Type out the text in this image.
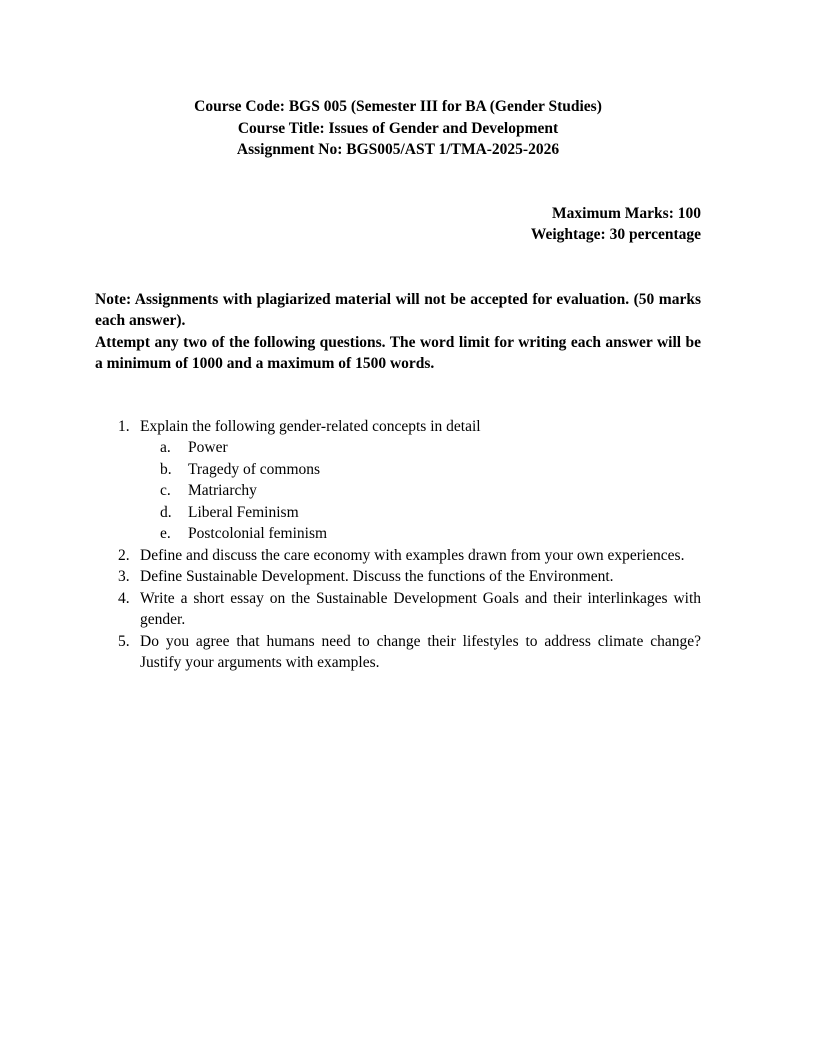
Course Code: BGS 005 (Semester III for BA (Gender Studies)

Course Title: Issues of Gender and Development

Assignment No: BGS005/AST 1/TMA-2025-2026

Maximum Marks: 100

Weightage: 30 percentage

Note: Assignments with plagiarized material will not be accepted for evaluation. (50 marks each answer).

Attempt any two of the following questions. The word limit for writing each answer will be a minimum of 1000 and a maximum of 1500 words.

1. Explain the following gender-related concepts in detail
a. Power
b. Tragedy of commons
c. Matriarchy
d. Liberal Feminism
e. Postcolonial feminism
2. Define and discuss the care economy with examples drawn from your own experiences.
3. Define Sustainable Development. Discuss the functions of the Environment.
4. Write a short essay on the Sustainable Development Goals and their interlinkages with gender.
5. Do you agree that humans need to change their lifestyles to address climate change? Justify your arguments with examples.
